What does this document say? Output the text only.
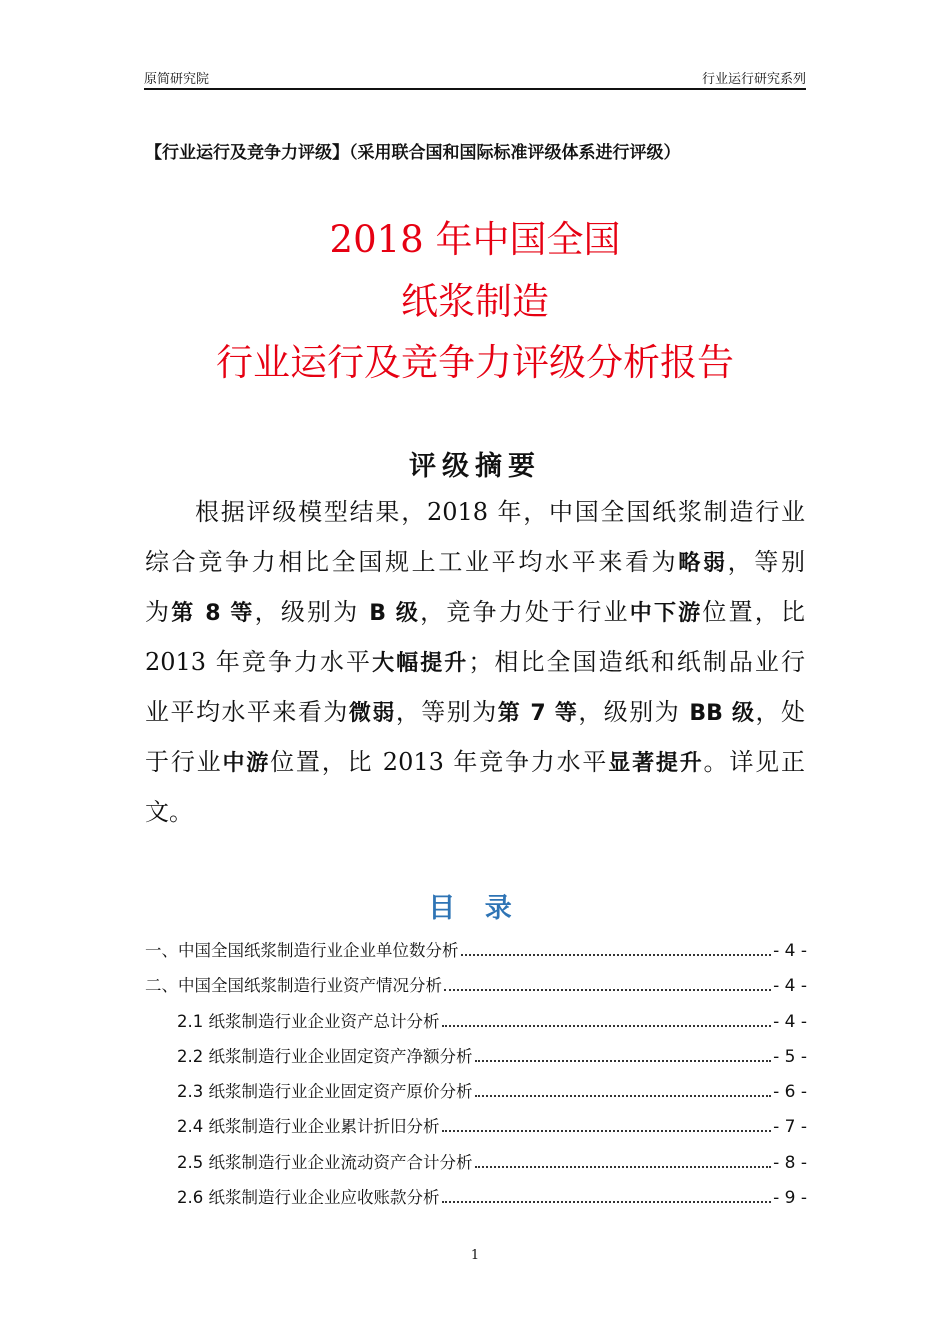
原简研究院	行业运行研究系列
【行业运行及竞争力评级】（采用联合国和国际标准评级体系进行评级）
2018 年中国全国
纸浆制造
行业运行及竞争力评级分析报告
评级摘要
根据评级模型结果，2018 年，中国全国纸浆制造行业
综合竞争力相比全国规上工业平均水平来看为略弱，等别
为第 8 等，级别为 B 级，竞争力处于行业中下游位置，比
2013 年竞争力水平大幅提升；相比全国造纸和纸制品业行
业平均水平来看为微弱，等别为第 7 等，级别为 BB 级，处
于行业中游位置，比 2013 年竞争力水平显著提升。详见正
文。
目 录
一、中国全国纸浆制造行业企业单位数分析	- 4 -
二、中国全国纸浆制造行业资产情况分析	- 4 -
2.1 纸浆制造行业企业资产总计分析	- 4 -
2.2 纸浆制造行业企业固定资产净额分析	- 5 -
2.3 纸浆制造行业企业固定资产原价分析	- 6 -
2.4 纸浆制造行业企业累计折旧分析	- 7 -
2.5 纸浆制造行业企业流动资产合计分析	- 8 -
2.6 纸浆制造行业企业应收账款分析	- 9 -
1
